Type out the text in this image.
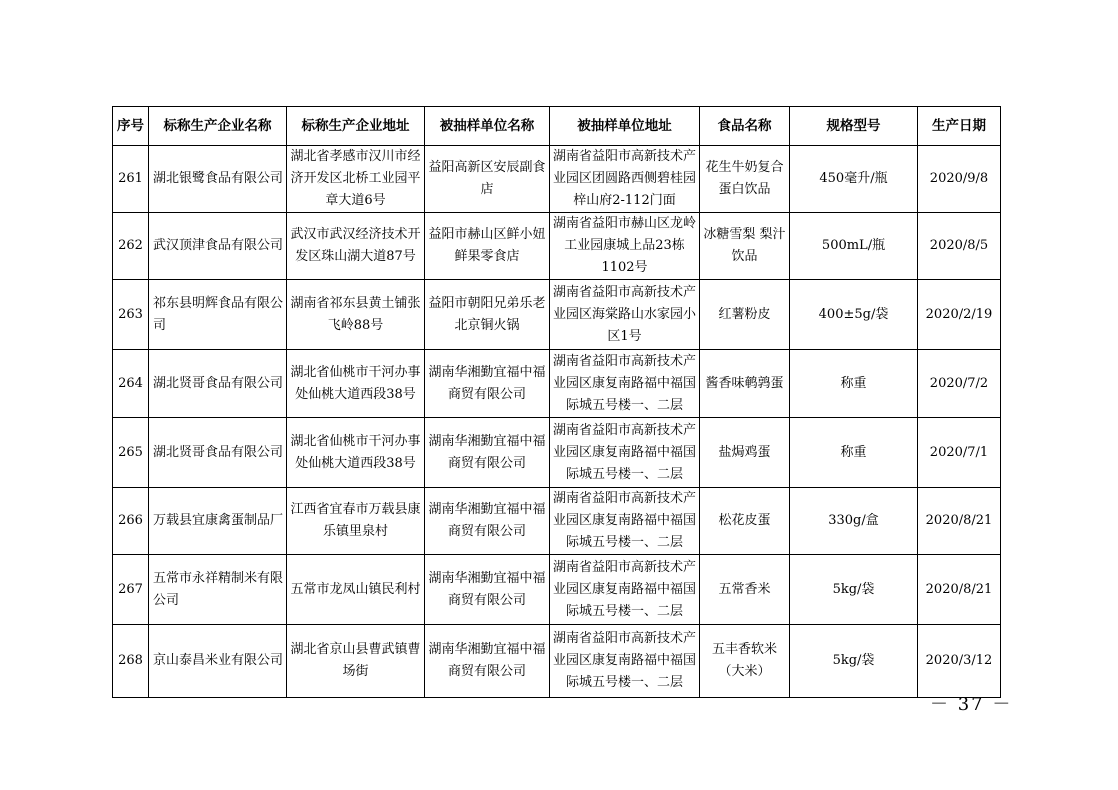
序号	标称生产企业名称	标称生产企业地址	被抽样单位名称	被抽样单位地址	食品名称	规格型号	生产日期
261	湖北银鹭食品有限公司	湖北省孝感市汉川市经济开发区北桥工业园平章大道6号	益阳高新区安辰副食店	湖南省益阳市高新技术产业园区团圆路西侧碧桂园梓山府2-112门面	花生牛奶复合蛋白饮品	450毫升/瓶	2020/9/8
262	武汉顶津食品有限公司	武汉市武汉经济技术开发区珠山湖大道87号	益阳市赫山区鲜小妞鲜果零食店	湖南省益阳市赫山区龙岭工业园康城上品23栋1102号	冰糖雪梨 梨汁饮品	500mL/瓶	2020/8/5
263	祁东县明辉食品有限公司	湖南省祁东县黄土铺张飞岭88号	益阳市朝阳兄弟乐老北京铜火锅	湖南省益阳市高新技术产业园区海棠路山水家园小区1号	红薯粉皮	400±5g/袋	2020/2/19
264	湖北贤哥食品有限公司	湖北省仙桃市干河办事处仙桃大道西段38号	湖南华湘勤宜福中福商贸有限公司	湖南省益阳市高新技术产业园区康复南路福中福国际城五号楼一、二层	酱香味鹌鹑蛋	称重	2020/7/2
265	湖北贤哥食品有限公司	湖北省仙桃市干河办事处仙桃大道西段38号	湖南华湘勤宜福中福商贸有限公司	湖南省益阳市高新技术产业园区康复南路福中福国际城五号楼一、二层	盐焗鸡蛋	称重	2020/7/1
266	万载县宜康禽蛋制品厂	江西省宜春市万载县康乐镇里泉村	湖南华湘勤宜福中福商贸有限公司	湖南省益阳市高新技术产业园区康复南路福中福国际城五号楼一、二层	松花皮蛋	330g/盒	2020/8/21
267	五常市永祥精制米有限公司	五常市龙凤山镇民利村	湖南华湘勤宜福中福商贸有限公司	湖南省益阳市高新技术产业园区康复南路福中福国际城五号楼一、二层	五常香米	5kg/袋	2020/8/21
268	京山泰昌米业有限公司	湖北省京山县曹武镇曹场街	湖南华湘勤宜福中福商贸有限公司	湖南省益阳市高新技术产业园区康复南路福中福国际城五号楼一、二层	五丰香软米（大米）	5kg/袋	2020/3/12
－ 37 －
